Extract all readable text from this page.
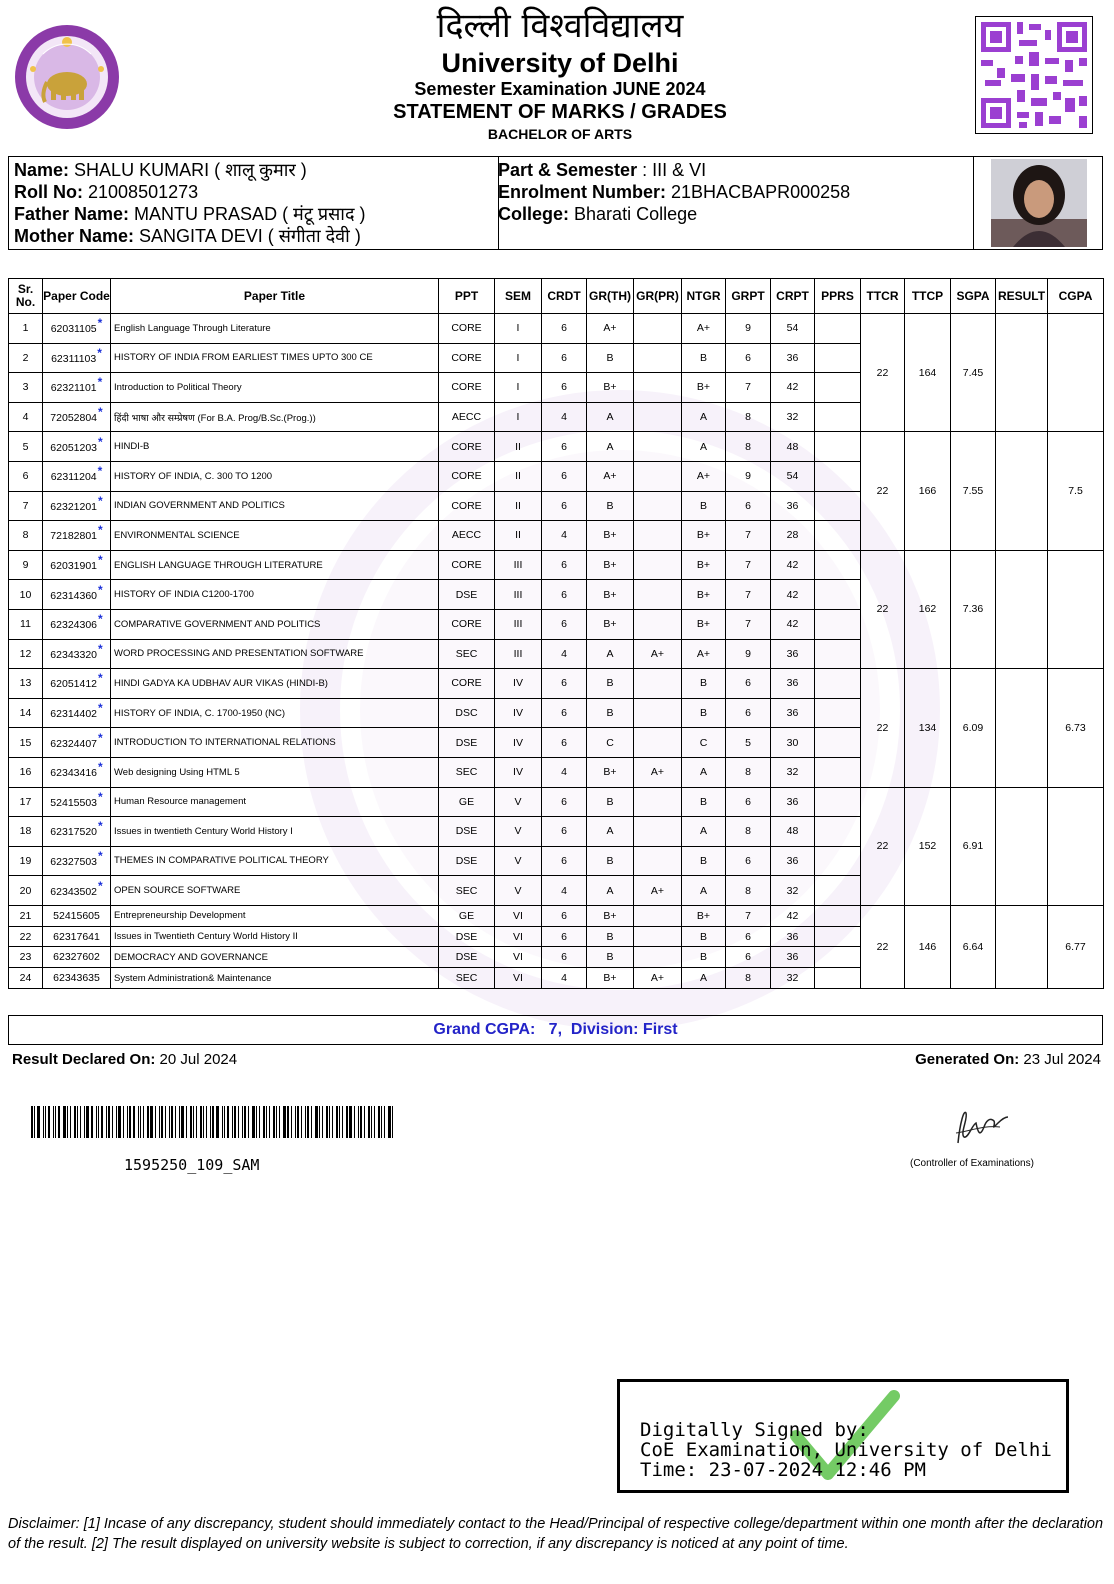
दिल्ली विश्वविद्यालय
University of Delhi
Semester Examination JUNE 2024
STATEMENT OF MARKS / GRADES
BACHELOR OF ARTS
Name: SHALU KUMARI ( शालू कुमार )
Roll No: 21008501273
Father Name: MANTU PRASAD ( मंटू प्रसाद )
Mother Name: SANGITA DEVI ( संगीता देवी )
Part & Semester : III & VI
Enrolment Number: 21BHACBAPR000258
College: Bharati College
Sr. No.	Paper Code	Paper Title	PPT	SEM	CRDT	GR(TH)	GR(PR)	NTGR	GRPT	CRPT	PPRS	TTCR	TTCP	SGPA	RESULT	CGPA
1	62031105*	English Language Through Literature	CORE	I	6	A+		A+	9	54		22	164	7.45		
2	62311103*	HISTORY OF INDIA FROM EARLIEST TIMES UPTO 300 CE	CORE	I	6	B		B	6	36						
3	62321101*	Introduction to Political Theory	CORE	I	6	B+		B+	7	42						
4	72052804*	हिंदी भाषा और सम्प्रेषण (For B.A. Prog/B.Sc.(Prog.))	AECC	I	4	A		A	8	32						
5	62051203*	HINDI-B	CORE	II	6	A		A	8	48		22	166	7.55		7.5
6	62311204*	HISTORY OF INDIA, C. 300 TO 1200	CORE	II	6	A+		A+	9	54						
7	62321201*	INDIAN GOVERNMENT AND POLITICS	CORE	II	6	B		B	6	36						
8	72182801*	ENVIRONMENTAL SCIENCE	AECC	II	4	B+		B+	7	28						
9	62031901*	ENGLISH LANGUAGE THROUGH LITERATURE	CORE	III	6	B+		B+	7	42		22	162	7.36		
10	62314360*	HISTORY OF INDIA C1200-1700	DSE	III	6	B+		B+	7	42						
11	62324306*	COMPARATIVE GOVERNMENT AND POLITICS	CORE	III	6	B+		B+	7	42						
12	62343320*	WORD PROCESSING AND PRESENTATION SOFTWARE	SEC	III	4	A	A+	A+	9	36						
13	62051412*	HINDI GADYA KA UDBHAV AUR VIKAS (HINDI-B)	CORE	IV	6	B		B	6	36		22	134	6.09		6.73
14	62314402*	HISTORY OF INDIA, C. 1700-1950 (NC)	DSC	IV	6	B		B	6	36						
15	62324407*	INTRODUCTION TO INTERNATIONAL RELATIONS	DSE	IV	6	C		C	5	30						
16	62343416*	Web designing Using HTML 5	SEC	IV	4	B+	A+	A	8	32						
17	52415503*	Human Resource management	GE	V	6	B		B	6	36		22	152	6.91		
18	62317520*	Issues in twentieth Century World History I	DSE	V	6	A		A	8	48						
19	62327503*	THEMES IN COMPARATIVE POLITICAL THEORY	DSE	V	6	B		B	6	36						
20	62343502*	OPEN SOURCE SOFTWARE	SEC	V	4	A	A+	A	8	32						
21	52415605	Entrepreneurship Development	GE	VI	6	B+		B+	7	42		22	146	6.64		6.77
22	62317641	Issues in Twentieth Century World History II	DSE	VI	6	B		B	6	36						
23	62327602	DEMOCRACY AND GOVERNANCE	DSE	VI	6	B		B	6	36						
24	62343635	System Administration& Maintenance	SEC	VI	4	B+	A+	A	8	32						
Grand CGPA:   7,  Division: First
Result Declared On: 20 Jul 2024	Generated On: 23 Jul 2024
1595250_109_SAM	(Controller of Examinations)
Digitally Signed by:
CoE Examination, University of Delhi
Time: 23-07-2024 12:46 PM
Disclaimer: [1] Incase of any discrepancy, student should immediately contact to the Head/Principal of respective college/department within one month after the declaration of the result. [2] The result displayed on university website is subject to correction, if any discrepancy is noticed at any point of time.
